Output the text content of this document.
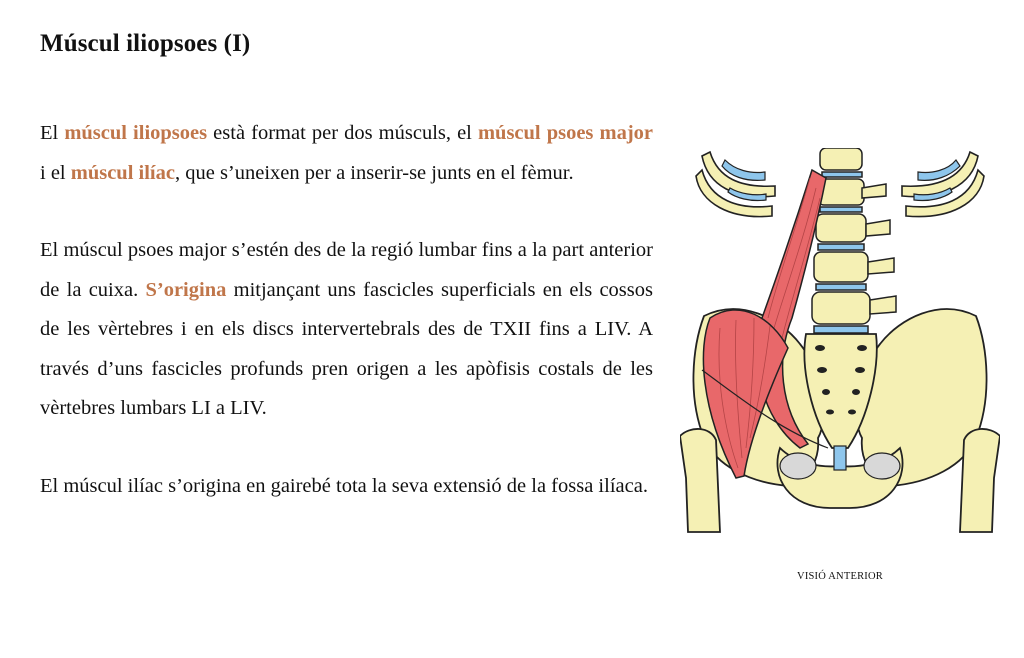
Múscul iliopsoes (I)

El múscul iliopsoes està format per dos músculs, el múscul psoes major i el múscul ilíac, que s’uneixen per a inserir-se junts en el fèmur.

El múscul psoes major s’estén des de la regió lumbar fins a la part anterior de la cuixa. S’origina mitjançant uns fascicles superficials en els cossos de les vèrtebres i en els discs intervertebrals des de TXII fins a LIV. A través d’uns fascicles profunds pren origen a les apòfisis costals de les vèrtebres lumbars LI a LIV.

El múscul ilíac s’origina en gairebé tota la seva extensió de la fossa ilíaca.

VISIÓ ANTERIOR
